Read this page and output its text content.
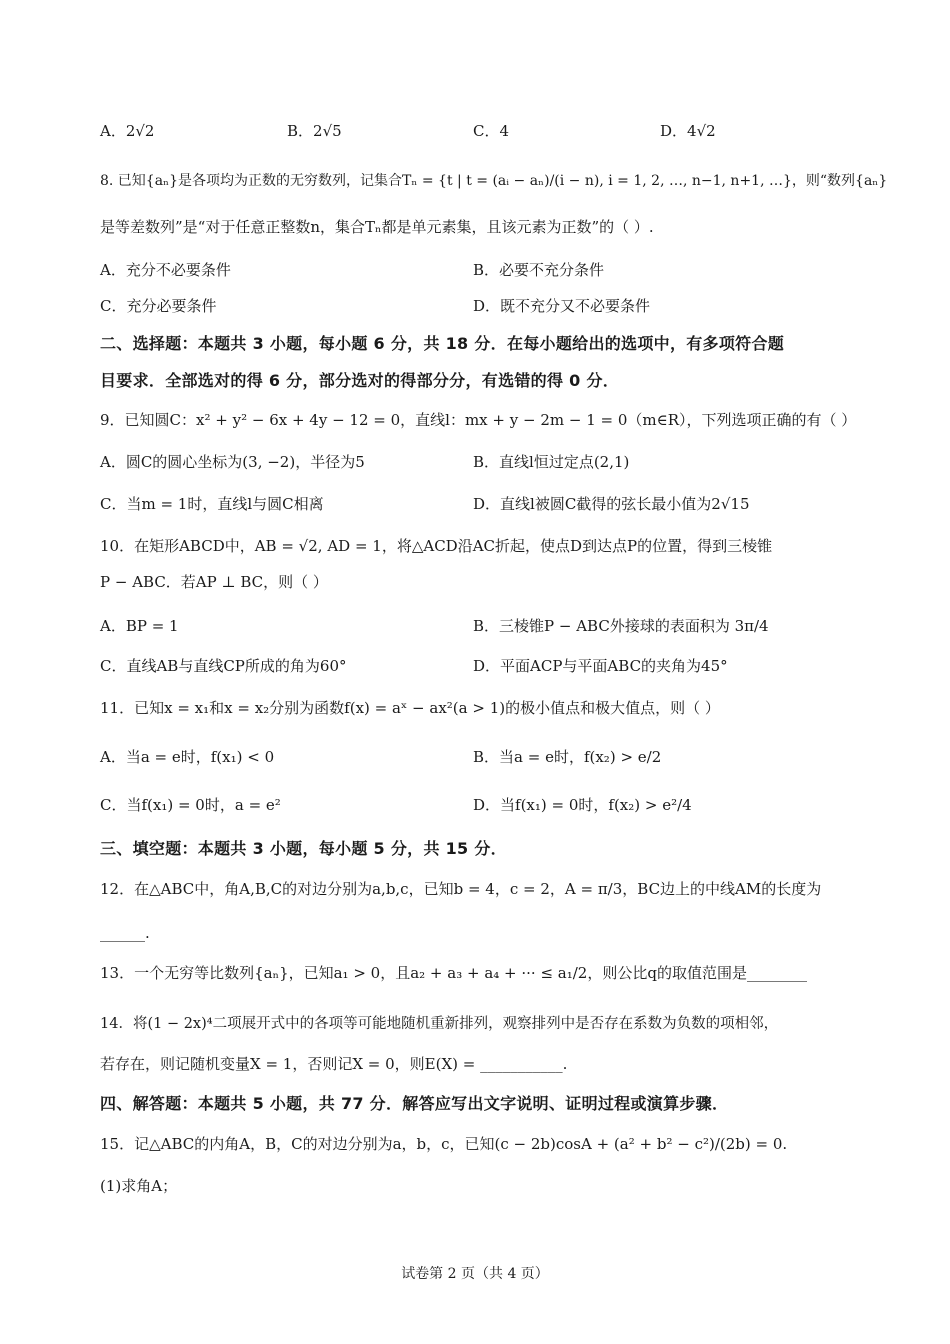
A．2√2	B．2√5	C．4	D．4√2
8. 已知{aₙ}是各项均为正数的无穷数列，记集合Tₙ = {t | t = (aᵢ − aₙ)/(i − n), i = 1, 2, …, n−1, n+1, …}，则“数列{aₙ}
是等差数列”是“对于任意正整数n，集合Tₙ都是单元素集，且该元素为正数”的（ ）.
A．充分不必要条件	B．必要不充分条件
C．充分必要条件	D．既不充分又不必要条件
二、选择题：本题共 3 小题，每小题 6 分，共 18 分．在每小题给出的选项中，有多项符合题
目要求．全部选对的得 6 分，部分选对的得部分分，有选错的得 0 分．
9．已知圆C：x² + y² − 6x + 4y − 12 = 0，直线l：mx + y − 2m − 1 = 0（m∈R），下列选项正确的有（ ）
A．圆C的圆心坐标为(3, −2)，半径为5	B．直线l恒过定点(2,1)
C．当m = 1时，直线l与圆C相离	D．直线l被圆C截得的弦长最小值为2√15
10．在矩形ABCD中，AB = √2, AD = 1，将△ACD沿AC折起，使点D到达点P的位置，得到三棱锥
P − ABC．若AP ⊥ BC，则（ ）
A．BP = 1	B．三棱锥P − ABC外接球的表面积为 3π/4
C．直线AB与直线CP所成的角为60°	D．平面ACP与平面ABC的夹角为45°
11．已知x = x₁和x = x₂分别为函数f(x) = aˣ − ax²(a > 1)的极小值点和极大值点，则（ ）
A．当a = e时，f(x₁) < 0	B．当a = e时，f(x₂) > e/2
C．当f(x₁) = 0时，a = e²	D．当f(x₁) = 0时，f(x₂) > e²/4
三、填空题：本题共 3 小题，每小题 5 分，共 15 分．
12．在△ABC中，角A,B,C的对边分别为a,b,c，已知b = 4，c = 2，A = π/3，BC边上的中线AM的长度为
______.
13．一个无穷等比数列{aₙ}，已知a₁ > 0，且a₂ + a₃ + a₄ + ··· ≤ a₁/2，则公比q的取值范围是________
14．将(1 − 2x)⁴二项展开式中的各项等可能地随机重新排列，观察排列中是否存在系数为负数的项相邻，
若存在，则记随机变量X = 1，否则记X = 0，则E(X) = ___________.
四、解答题：本题共 5 小题，共 77 分．解答应写出文字说明、证明过程或演算步骤．
15．记△ABC的内角A，B，C的对边分别为a，b，c，已知(c − 2b)cosA + (a² + b² − c²)/(2b) = 0.
(1)求角A；
试卷第 2 页（共 4 页）
